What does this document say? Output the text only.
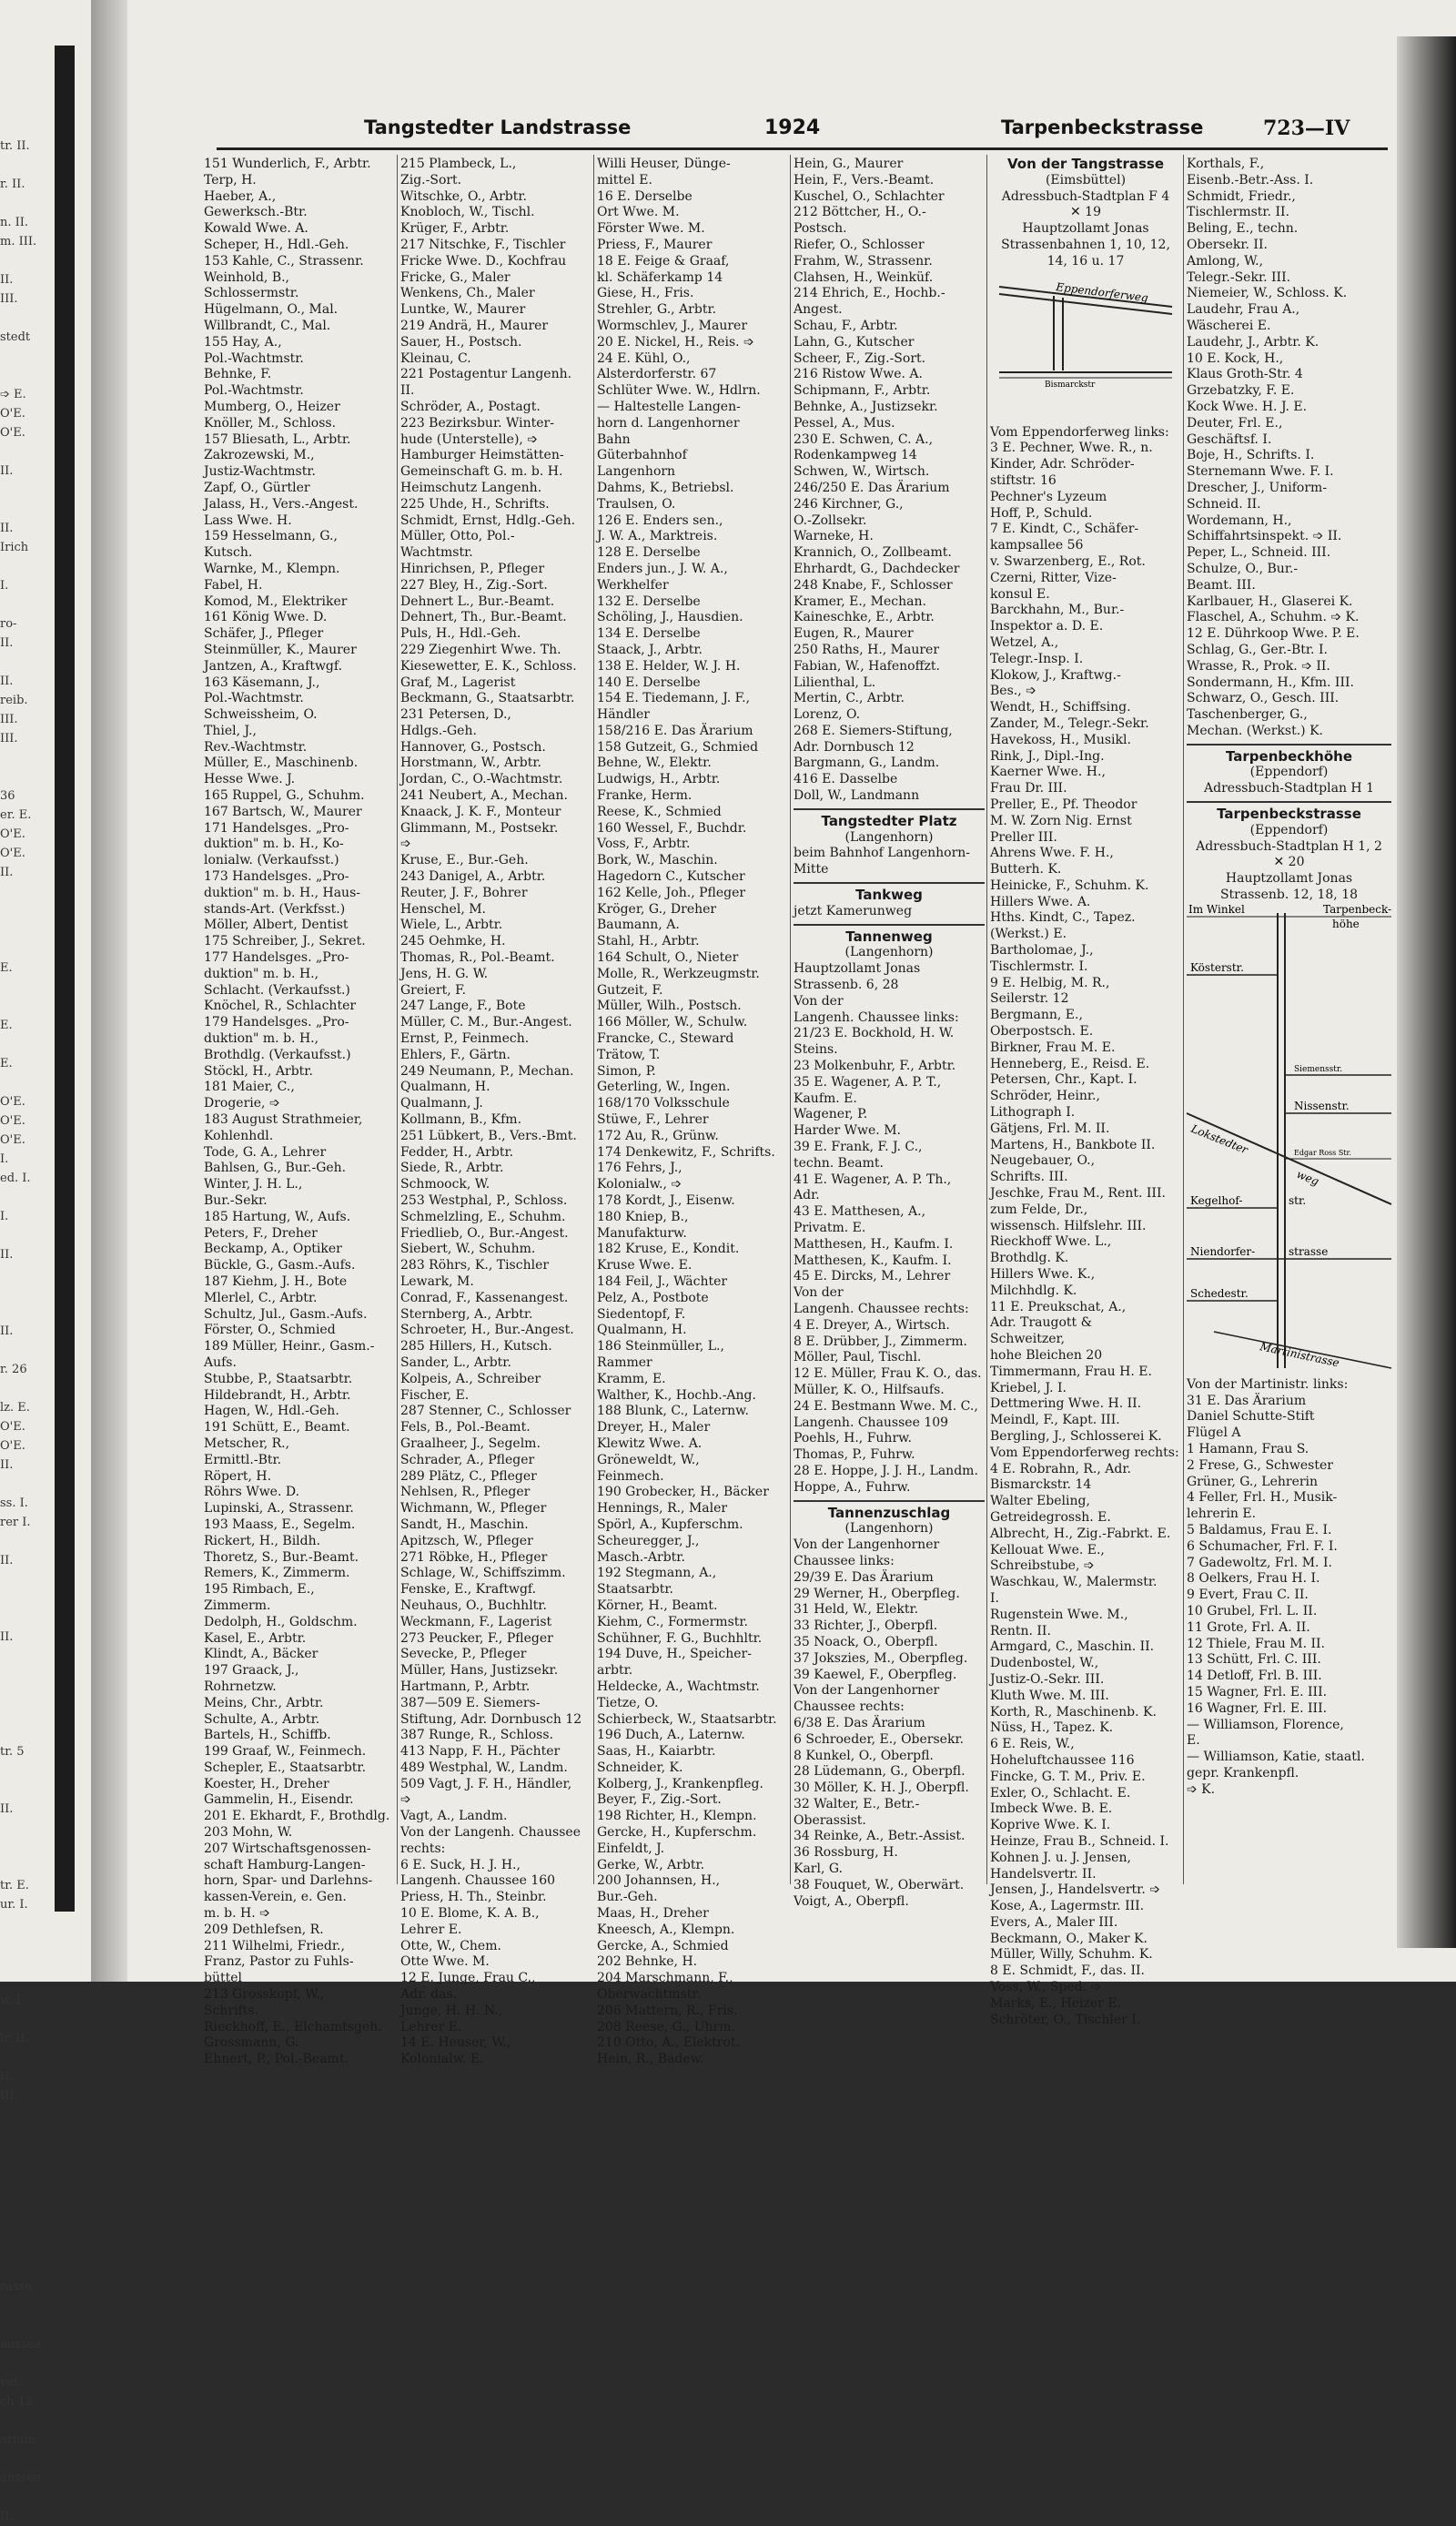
tr. II.
r. II.
n. II.
m. III.
II.
III.
stedt
➩ E.
O'E.
O'E.
II.
II.
Irich
I.
ro-
II.
II.
reib.
III.
III.
36
er. E.
O'E.
O'E.
II.
E.
E.
E.
O'E.
O'E.
O'E.
I.
ed. I.
I.
II.
II.
r. 26
lz. E.
O'E.
O'E.
II.
ss. I.
rer I.
II.
II.
tr. 5
II.
tr. E.
ur. I.
w. I.
lr. II.
II.
III.
rasse
aussee
vat.
ch 12
arium
aussee
II.
Tangstedter Landstrasse	1924	Tarpenbeckstrasse	723—IV
151 Wunderlich, F., Arbtr.
Terp, H.
Haeber, A.,
Gewerksch.-Btr.
Kowald Wwe. A.
Scheper, H., Hdl.-Geh.
153 Kahle, C., Strassenr.
Weinhold, B.,
Schlossermstr.
Hügelmann, O., Mal.
Willbrandt, C., Mal.
155 Hay, A.,
Pol.-Wachtmstr.
Behnke, F.
Pol.-Wachtmstr.
Mumberg, O., Heizer
Knöller, M., Schloss.
157 Bliesath, L., Arbtr.
Zakrozewski, M.,
Justiz-Wachtmstr.
Zapf, O., Gürtler
Jalass, H., Vers.-Angest.
Lass Wwe. H.
159 Hesselmann, G.,
Kutsch.
Warnke, M., Klempn.
Fabel, H.
Komod, M., Elektriker
161 König Wwe. D.
Schäfer, J., Pfleger
Steinmüller, K., Maurer
Jantzen, A., Kraftwgf.
163 Käsemann, J.,
Pol.-Wachtmstr.
Schweissheim, O.
Thiel, J.,
Rev.-Wachtmstr.
Müller, E., Maschinenb.
Hesse Wwe. J.
165 Ruppel, G., Schuhm.
167 Bartsch, W., Maurer
171 Handelsges. „Pro-
duktion" m. b. H., Ko-
lonialw. (Verkaufsst.)
173 Handelsges. „Pro-
duktion" m. b. H., Haus-
stands-Art. (Verkfsst.)
Möller, Albert, Dentist
175 Schreiber, J., Sekret.
177 Handelsges. „Pro-
duktion" m. b. H.,
Schlacht. (Verkaufsst.)
Knöchel, R., Schlachter
179 Handelsges. „Pro-
duktion" m. b. H.,
Brothdlg. (Verkaufsst.)
Stöckl, H., Arbtr.
181 Maier, C.,
Drogerie, ➩
183 August Strathmeier,
Kohlenhdl.
Tode, G. A., Lehrer
Bahlsen, G., Bur.-Geh.
Winter, J. H. L.,
Bur.-Sekr.
185 Hartung, W., Aufs.
Peters, F., Dreher
Beckamp, A., Optiker
Bückle, G., Gasm.-Aufs.
187 Kiehm, J. H., Bote
Mlerlel, C., Arbtr.
Schultz, Jul., Gasm.-Aufs.
Förster, O., Schmied
189 Müller, Heinr., Gasm.-
Aufs.
Stubbe, P., Staatsarbtr.
Hildebrandt, H., Arbtr.
Hagen, W., Hdl.-Geh.
191 Schütt, E., Beamt.
Metscher, R.,
Ermittl.-Btr.
Röpert, H.
Röhrs Wwe. D.
Lupinski, A., Strassenr.
193 Maass, E., Segelm.
Rickert, H., Bildh.
Thoretz, S., Bur.-Beamt.
Remers, K., Zimmerm.
195 Rimbach, E.,
Zimmerm.
Dedolph, H., Goldschm.
Kasel, E., Arbtr.
Klindt, A., Bäcker
197 Graack, J.,
Rohrnetzw.
Meins, Chr., Arbtr.
Schulte, A., Arbtr.
Bartels, H., Schiffb.
199 Graaf, W., Feinmech.
Schepler, E., Staatsarbtr.
Koester, H., Dreher
Gammelin, H., Eisendr.
201 E. Ekhardt, F., Brothdlg.
203 Mohn, W.
207 Wirtschaftsgenossen-
schaft Hamburg-Langen-
horn, Spar- und Darlehns-
kassen-Verein, e. Gen.
m. b. H. ➩
209 Dethlefsen, R.
211 Wilhelmi, Friedr.,
Franz, Pastor zu Fuhls-
büttel
213 Grosskopf, W.,
Schrifts.
Rieckhoff, E., Elchamtsgeh.
Grossmann, G.
Ehnert, P., Pol.-Beamt.
215 Plambeck, L.,
Zig.-Sort.
Witschke, O., Arbtr.
Knobloch, W., Tischl.
Krüger, F., Arbtr.
217 Nitschke, F., Tischler
Fricke Wwe. D., Kochfrau
Fricke, G., Maler
Wenkens, Ch., Maler
Luntke, W., Maurer
219 Andrä, H., Maurer
Sauer, H., Postsch.
Kleinau, C.
221 Postagentur Langenh.
II.
Schröder, A., Postagt.
223 Bezirksbur. Winter-
hude (Unterstelle), ➩
Hamburger Heimstätten-
Gemeinschaft G. m. b. H.
Heimschutz Langenh.
225 Uhde, H., Schrifts.
Schmidt, Ernst, Hdlg.-Geh.
Müller, Otto, Pol.-
Wachtmstr.
Hinrichsen, P., Pfleger
227 Bley, H., Zig.-Sort.
Dehnert L., Bur.-Beamt.
Dehnert, Th., Bur.-Beamt.
Puls, H., Hdl.-Geh.
229 Ziegenhirt Wwe. Th.
Kiesewetter, E. K., Schloss.
Graf, M., Lagerist
Beckmann, G., Staatsarbtr.
231 Petersen, D.,
Hdlgs.-Geh.
Hannover, G., Postsch.
Horstmann, W., Arbtr.
Jordan, C., O.-Wachtmstr.
241 Neubert, A., Mechan.
Knaack, J. K. F., Monteur
Glimmann, M., Postsekr.
➩
Kruse, E., Bur.-Geh.
243 Danigel, A., Arbtr.
Reuter, J. F., Bohrer
Henschel, M.
Wiele, L., Arbtr.
245 Oehmke, H.
Thomas, R., Pol.-Beamt.
Jens, H. G. W.
Greiert, F.
247 Lange, F., Bote
Müller, C. M., Bur.-Angest.
Ernst, P., Feinmech.
Ehlers, F., Gärtn.
249 Neumann, P., Mechan.
Qualmann, H.
Qualmann, J.
Kollmann, B., Kfm.
251 Lübkert, B., Vers.-Bmt.
Fedder, H., Arbtr.
Siede, R., Arbtr.
Schmoock, W.
253 Westphal, P., Schloss.
Schmelzling, E., Schuhm.
Friedlieb, O., Bur.-Angest.
Siebert, W., Schuhm.
283 Röhrs, K., Tischler
Lewark, M.
Conrad, F., Kassenangest.
Sternberg, A., Arbtr.
Schroeter, H., Bur.-Angest.
285 Hillers, H., Kutsch.
Sander, L., Arbtr.
Kolpeis, A., Schreiber
Fischer, E.
287 Stenner, C., Schlosser
Fels, B., Pol.-Beamt.
Graalheer, J., Segelm.
Schrader, A., Pfleger
289 Plätz, C., Pfleger
Nehlsen, R., Pfleger
Wichmann, W., Pfleger
Sandt, H., Maschin.
Apitzsch, W., Pfleger
271 Röbke, H., Pfleger
Schlage, W., Schiffszimm.
Fenske, E., Kraftwgf.
Neuhaus, O., Buchhltr.
Weckmann, F., Lagerist
273 Peucker, F., Pfleger
Sevecke, P., Pfleger
Müller, Hans, Justizsekr.
Hartmann, P., Arbtr.
387—509 E. Siemers-
Stiftung, Adr. Dornbusch 12
387 Runge, R., Schloss.
413 Napp, F. H., Pächter
489 Westphal, W., Landm.
509 Vagt, J. F. H., Händler,
➩
Vagt, A., Landm.
Von der Langenh. Chaussee
rechts:
6 E. Suck, H. J. H.,
Langenh. Chaussee 160
Priess, H. Th., Steinbr.
10 E. Blome, K. A. B.,
Lehrer E.
Otte, W., Chem.
Otte Wwe. M.
12 E. Junge, Frau C.,
Adr. das.
Junge, H. H. N.,
Lehrer E.
14 E. Heuser, W.,
Kolonialw. E.
Willi Heuser, Dünge-
mittel E.
16 E. Derselbe
Ort Wwe. M.
Förster Wwe. M.
Priess, F., Maurer
18 E. Feige & Graaf,
kl. Schäferkamp 14
Giese, H., Fris.
Strehler, G., Arbtr.
Wormschlev, J., Maurer
20 E. Nickel, H., Reis. ➩
24 E. Kühl, O.,
Alsterdorferstr. 67
Schlüter Wwe. W., Hdlrn.
— Haltestelle Langen-
horn d. Langenhorner
Bahn
Güterbahnhof
Langenhorn
Dahms, K., Betriebsl.
Traulsen, O.
126 E. Enders sen.,
J. W. A., Marktreis.
128 E. Derselbe
Enders jun., J. W. A.,
Werkhelfer
132 E. Derselbe
Schöling, J., Hausdien.
134 E. Derselbe
Staack, J., Arbtr.
138 E. Helder, W. J. H.
140 E. Derselbe
154 E. Tiedemann, J. F.,
Händler
158/216 E. Das Ärarium
158 Gutzeit, G., Schmied
Behne, W., Elektr.
Ludwigs, H., Arbtr.
Franke, Herm.
Reese, K., Schmied
160 Wessel, F., Buchdr.
Voss, F., Arbtr.
Bork, W., Maschin.
Hagedorn C., Kutscher
162 Kelle, Joh., Pfleger
Kröger, G., Dreher
Baumann, A.
Stahl, H., Arbtr.
164 Schult, O., Nieter
Molle, R., Werkzeugmstr.
Gutzeit, F.
Müller, Wilh., Postsch.
166 Möller, W., Schulw.
Francke, C., Steward
Trätow, T.
Simon, P.
Geterling, W., Ingen.
168/170 Volksschule
Stüwe, F., Lehrer
172 Au, R., Grünw.
174 Denkewitz, F., Schrifts.
176 Fehrs, J.,
Kolonialw., ➩
178 Kordt, J., Eisenw.
180 Kniep, B.,
Manufakturw.
182 Kruse, E., Kondit.
Kruse Wwe. E.
184 Feil, J., Wächter
Pelz, A., Postbote
Siedentopf, F.
Qualmann, H.
186 Steinmüller, L.,
Rammer
Kramm, E.
Walther, K., Hochb.-Ang.
188 Blunk, C., Laternw.
Dreyer, H., Maler
Klewitz Wwe. A.
Gröneweldt, W.,
Feinmech.
190 Grobecker, H., Bäcker
Hennings, R., Maler
Spörl, A., Kupferschm.
Scheuregger, J.,
Masch.-Arbtr.
192 Stegmann, A.,
Staatsarbtr.
Körner, H., Beamt.
Kiehm, C., Formermstr.
Schühner, F. G., Buchhltr.
194 Duve, H., Speicher-
arbtr.
Heldecke, A., Wachtmstr.
Tietze, O.
Schierbeck, W., Staatsarbtr.
196 Duch, A., Laternw.
Saas, H., Kaiarbtr.
Schneider, K.
Kolberg, J., Krankenpfleg.
Beyer, F., Zig.-Sort.
198 Richter, H., Klempn.
Gercke, H., Kupferschm.
Einfeldt, J.
Gerke, W., Arbtr.
200 Johannsen, H.,
Bur.-Geh.
Maas, H., Dreher
Kneesch, A., Klempn.
Gercke, A., Schmied
202 Behnke, H.
204 Marschmann, F.,
Oberwachtmstr.
206 Mattern, R., Fris.
208 Reese, G., Uhrm.
210 Otto, A., Elektrot.
Hein, R., Badew.
Hein, G., Maurer
Hein, F., Vers.-Beamt.
Kuschel, O., Schlachter
212 Böttcher, H., O.-
Postsch.
Riefer, O., Schlosser
Frahm, W., Strassenr.
Clahsen, H., Weinküf.
214 Ehrich, E., Hochb.-
Angest.
Schau, F., Arbtr.
Lahn, G., Kutscher
Scheer, F., Zig.-Sort.
216 Ristow Wwe. A.
Schipmann, F., Arbtr.
Behnke, A., Justizsekr.
Pessel, A., Mus.
230 E. Schwen, C. A.,
Rodenkampweg 14
Schwen, W., Wirtsch.
246/250 E. Das Ärarium
246 Kirchner, G.,
O.-Zollsekr.
Warneke, H.
Krannich, O., Zollbeamt.
Ehrhardt, G., Dachdecker
248 Knabe, F., Schlosser
Kramer, E., Mechan.
Kaineschke, E., Arbtr.
Eugen, R., Maurer
250 Raths, H., Maurer
Fabian, W., Hafenoffzt.
Lilienthal, L.
Mertin, C., Arbtr.
Lorenz, O.
268 E. Siemers-Stiftung,
Adr. Dornbusch 12
Bargmann, G., Landm.
416 E. Dasselbe
Doll, W., Landmann
Tangstedter Platz
(Langenhorn)
beim Bahnhof Langenhorn-
Mitte
Tankweg
jetzt Kamerunweg
Tannenweg
(Langenhorn)
Hauptzollamt Jonas
Strassenb. 6, 28
Von der
Langenh. Chaussee links:
21/23 E. Bockhold, H. W.
Steins.
23 Molkenbuhr, F., Arbtr.
35 E. Wagener, A. P. T.,
Kaufm. E.
Wagener, P.
Harder Wwe. M.
39 E. Frank, F. J. C.,
techn. Beamt.
41 E. Wagener, A. P. Th.,
Adr.
43 E. Matthesen, A.,
Privatm. E.
Matthesen, H., Kaufm. I.
Matthesen, K., Kaufm. I.
45 E. Dircks, M., Lehrer
Von der
Langenh. Chaussee rechts:
4 E. Dreyer, A., Wirtsch.
8 E. Drübber, J., Zimmerm.
Möller, Paul, Tischl.
12 E. Müller, Frau K. O., das.
Müller, K. O., Hilfsaufs.
24 E. Bestmann Wwe. M. C.,
Langenh. Chaussee 109
Poehls, H., Fuhrw.
Thomas, P., Fuhrw.
28 E. Hoppe, J. J. H., Landm.
Hoppe, A., Fuhrw.
Tannenzuschlag
(Langenhorn)
Von der Langenhorner
Chaussee links:
29/39 E. Das Ärarium
29 Werner, H., Oberpfleg.
31 Held, W., Elektr.
33 Richter, J., Oberpfl.
35 Noack, O., Oberpfl.
37 Jokszies, M., Oberpfleg.
39 Kaewel, F., Oberpfleg.
Von der Langenhorner
Chaussee rechts:
6/38 E. Das Ärarium
6 Schroeder, E., Obersekr.
8 Kunkel, O., Oberpfl.
28 Lüdemann, G., Oberpfl.
30 Möller, K. H. J., Oberpfl.
32 Walter, E., Betr.-
Oberassist.
34 Reinke, A., Betr.-Assist.
36 Rossburg, H.
Karl, G.
38 Fouquet, W., Oberwärt.
Voigt, A., Oberpfl.
Von der Tangstrasse
(Eimsbüttel)
Adressbuch-Stadtplan F 4
✕ 19
Hauptzollamt Jonas
Strassenbahnen 1, 10, 12,
14, 16 u. 17
Eppendorferweg
Bismarckstr
Vom Eppendorferweg links:
3 E. Pechner, Wwe. R., n.
Kinder, Adr. Schröder-
stiftstr. 16
Pechner's Lyzeum
Hoff, P., Schuld.
7 E. Kindt, C., Schäfer-
kampsallee 56
v. Swarzenberg, E., Rot.
Czerni, Ritter, Vize-
konsul E.
Barckhahn, M., Bur.-
Inspektor a. D. E.
Wetzel, A.,
Telegr.-Insp. I.
Klokow, J., Kraftwg.-
Bes., ➩
Wendt, H., Schiffsing.
Zander, M., Telegr.-Sekr.
Havekoss, H., Musikl.
Rink, J., Dipl.-Ing.
Kaerner Wwe. H.,
Frau Dr. III.
Preller, E., Pf. Theodor
M. W. Zorn Nig. Ernst
Preller III.
Ahrens Wwe. F. H.,
Butterh. K.
Heinicke, F., Schuhm. K.
Hillers Wwe. A.
Hths. Kindt, C., Tapez.
(Werkst.) E.
Bartholomae, J.,
Tischlermstr. I.
9 E. Helbig, M. R.,
Seilerstr. 12
Bergmann, E.,
Oberpostsch. E.
Birkner, Frau M. E.
Henneberg, E., Reisd. E.
Petersen, Chr., Kapt. I.
Schröder, Heinr.,
Lithograph I.
Gätjens, Frl. M. II.
Martens, H., Bankbote II.
Neugebauer, O.,
Schrifts. III.
Jeschke, Frau M., Rent. III.
zum Felde, Dr.,
wissensch. Hilfslehr. III.
Rieckhoff Wwe. L.,
Brothdlg. K.
Hillers Wwe. K.,
Milchhdlg. K.
11 E. Preukschat, A.,
Adr. Traugott &
Schweitzer,
hohe Bleichen 20
Timmermann, Frau H. E.
Kriebel, J. I.
Dettmering Wwe. H. II.
Meindl, F., Kapt. III.
Bergling, J., Schlosserei K.
Vom Eppendorferweg rechts:
4 E. Robrahn, R., Adr.
Bismarckstr. 14
Walter Ebeling,
Getreidegrossh. E.
Albrecht, H., Zig.-Fabrkt. E.
Kellouat Wwe. E.,
Schreibstube, ➩
Waschkau, W., Malermstr.
I.
Rugenstein Wwe. M.,
Rentn. II.
Armgard, C., Maschin. II.
Dudenbostel, W.,
Justiz-O.-Sekr. III.
Kluth Wwe. M. III.
Korth, R., Maschinenb. K.
Nüss, H., Tapez. K.
6 E. Reis, W.,
Hoheluftchaussee 116
Fincke, G. T. M., Priv. E.
Exler, O., Schlacht. E.
Imbeck Wwe. B. E.
Koprive Wwe. K. I.
Heinze, Frau B., Schneid. I.
Kohnen J. u. J. Jensen,
Handelsvertr. II.
Jensen, J., Handelsvertr. ➩
Kose, A., Lagermstr. III.
Evers, A., Maler III.
Beckmann, O., Maker K.
Müller, Willy, Schuhm. K.
8 E. Schmidt, F., das. II.
Voss, W., Sped. ➩
Marks, E., Heizer E.
Schröter, O., Tischler I.
Korthals, F.,
Eisenb.-Betr.-Ass. I.
Schmidt, Friedr.,
Tischlermstr. II.
Beling, E., techn.
Obersekr. II.
Amlong, W.,
Telegr.-Sekr. III.
Niemeier, W., Schloss. K.
Laudehr, Frau A.,
Wäscherei E.
Laudehr, J., Arbtr. K.
10 E. Kock, H.,
Klaus Groth-Str. 4
Grzebatzky, F. E.
Kock Wwe. H. J. E.
Deuter, Frl. E.,
Geschäftsf. I.
Boje, H., Schrifts. I.
Sternemann Wwe. F. I.
Drescher, J., Uniform-
Schneid. II.
Wordemann, H.,
Schiffahrtsinspekt. ➩ II.
Peper, L., Schneid. III.
Schulze, O., Bur.-
Beamt. III.
Karlbauer, H., Glaserei K.
Flaschel, A., Schuhm. ➩ K.
12 E. Dührkoop Wwe. P. E.
Schlag, G., Ger.-Btr. I.
Wrasse, R., Prok. ➩ II.
Sondermann, H., Kfm. III.
Schwarz, O., Gesch. III.
Taschenberger, G.,
Mechan. (Werkst.) K.
Tarpenbeckhöhe
(Eppendorf)
Adressbuch-Stadtplan H 1
Tarpenbeckstrasse
(Eppendorf)
Adressbuch-Stadtplan H 1, 2
✕ 20
Hauptzollamt Jonas
Strassenb. 12, 18, 18
Im Winkel	Tarpenbeck-
höhe
Kösterstr.
Siemensstr.
Nissenstr.
Lokstedter
weg
Edgar Ross Str.
Kegelhof-	str.
Niendorfer-	strasse
Schedestr.
Martinistrasse
Von der Martinistr. links:
31 E. Das Ärarium
Daniel Schutte-Stift
Flügel A
1 Hamann, Frau S.
2 Frese, G., Schwester
Grüner, G., Lehrerin
4 Feller, Frl. H., Musik-
lehrerin E.
5 Baldamus, Frau E. I.
6 Schumacher, Frl. F. I.
7 Gadewoltz, Frl. M. I.
8 Oelkers, Frau H. I.
9 Evert, Frau C. II.
10 Grubel, Frl. L. II.
11 Grote, Frl. A. II.
12 Thiele, Frau M. II.
13 Schütt, Frl. C. III.
14 Detloff, Frl. B. III.
15 Wagner, Frl. E. III.
16 Wagner, Frl. E. III.
— Williamson, Florence,
E.
— Williamson, Katie, staatl.
gepr. Krankenpfl.
➩ K.
